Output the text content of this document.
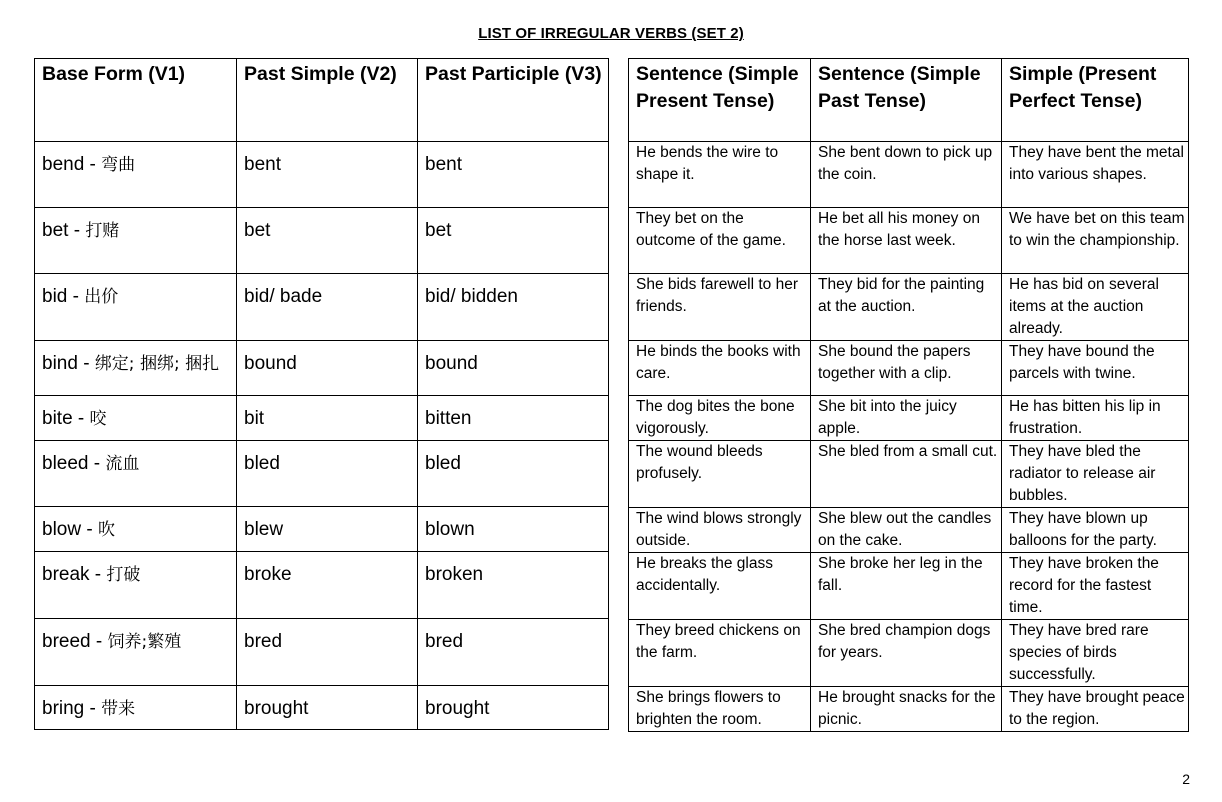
LIST OF IRREGULAR VERBS (SET 2)
Base Form (V1)	Past Simple (V2)	Past Participle (V3)
bend - 弯曲	bent	bent
bet - 打赌	bet	bet
bid - 出价	bid/ bade	bid/ bidden
bind - 绑定; 捆绑; 捆扎	bound	bound
bite - 咬	bit	bitten
bleed - 流血	bled	bled
blow - 吹	blew	blown
break - 打破	broke	broken
breed - 饲养;繁殖	bred	bred
bring - 带来	brought	brought
Sentence (Simple Present Tense)	Sentence (Simple Past Tense)	Simple (Present Perfect Tense)
He bends the wire to shape it.	She bent down to pick up the coin.	They have bent the metal into various shapes.
They bet on the outcome of the game.	He bet all his money on the horse last week.	We have bet on this team to win the championship.
She bids farewell to her friends.	They bid for the painting at the auction.	He has bid on several items at the auction already.
He binds the books with care.	She bound the papers together with a clip.	They have bound the parcels with twine.
The dog bites the bone vigorously.	She bit into the juicy apple.	He has bitten his lip in frustration.
The wound bleeds profusely.	She bled from a small cut.	They have bled the radiator to release air bubbles.
The wind blows strongly outside.	She blew out the candles on the cake.	They have blown up balloons for the party.
He breaks the glass accidentally.	She broke her leg in the fall.	They have broken the record for the fastest time.
They breed chickens on the farm.	She bred champion dogs for years.	They have bred rare species of birds successfully.
She brings flowers to brighten the room.	He brought snacks for the picnic.	They have brought peace to the region.
2
